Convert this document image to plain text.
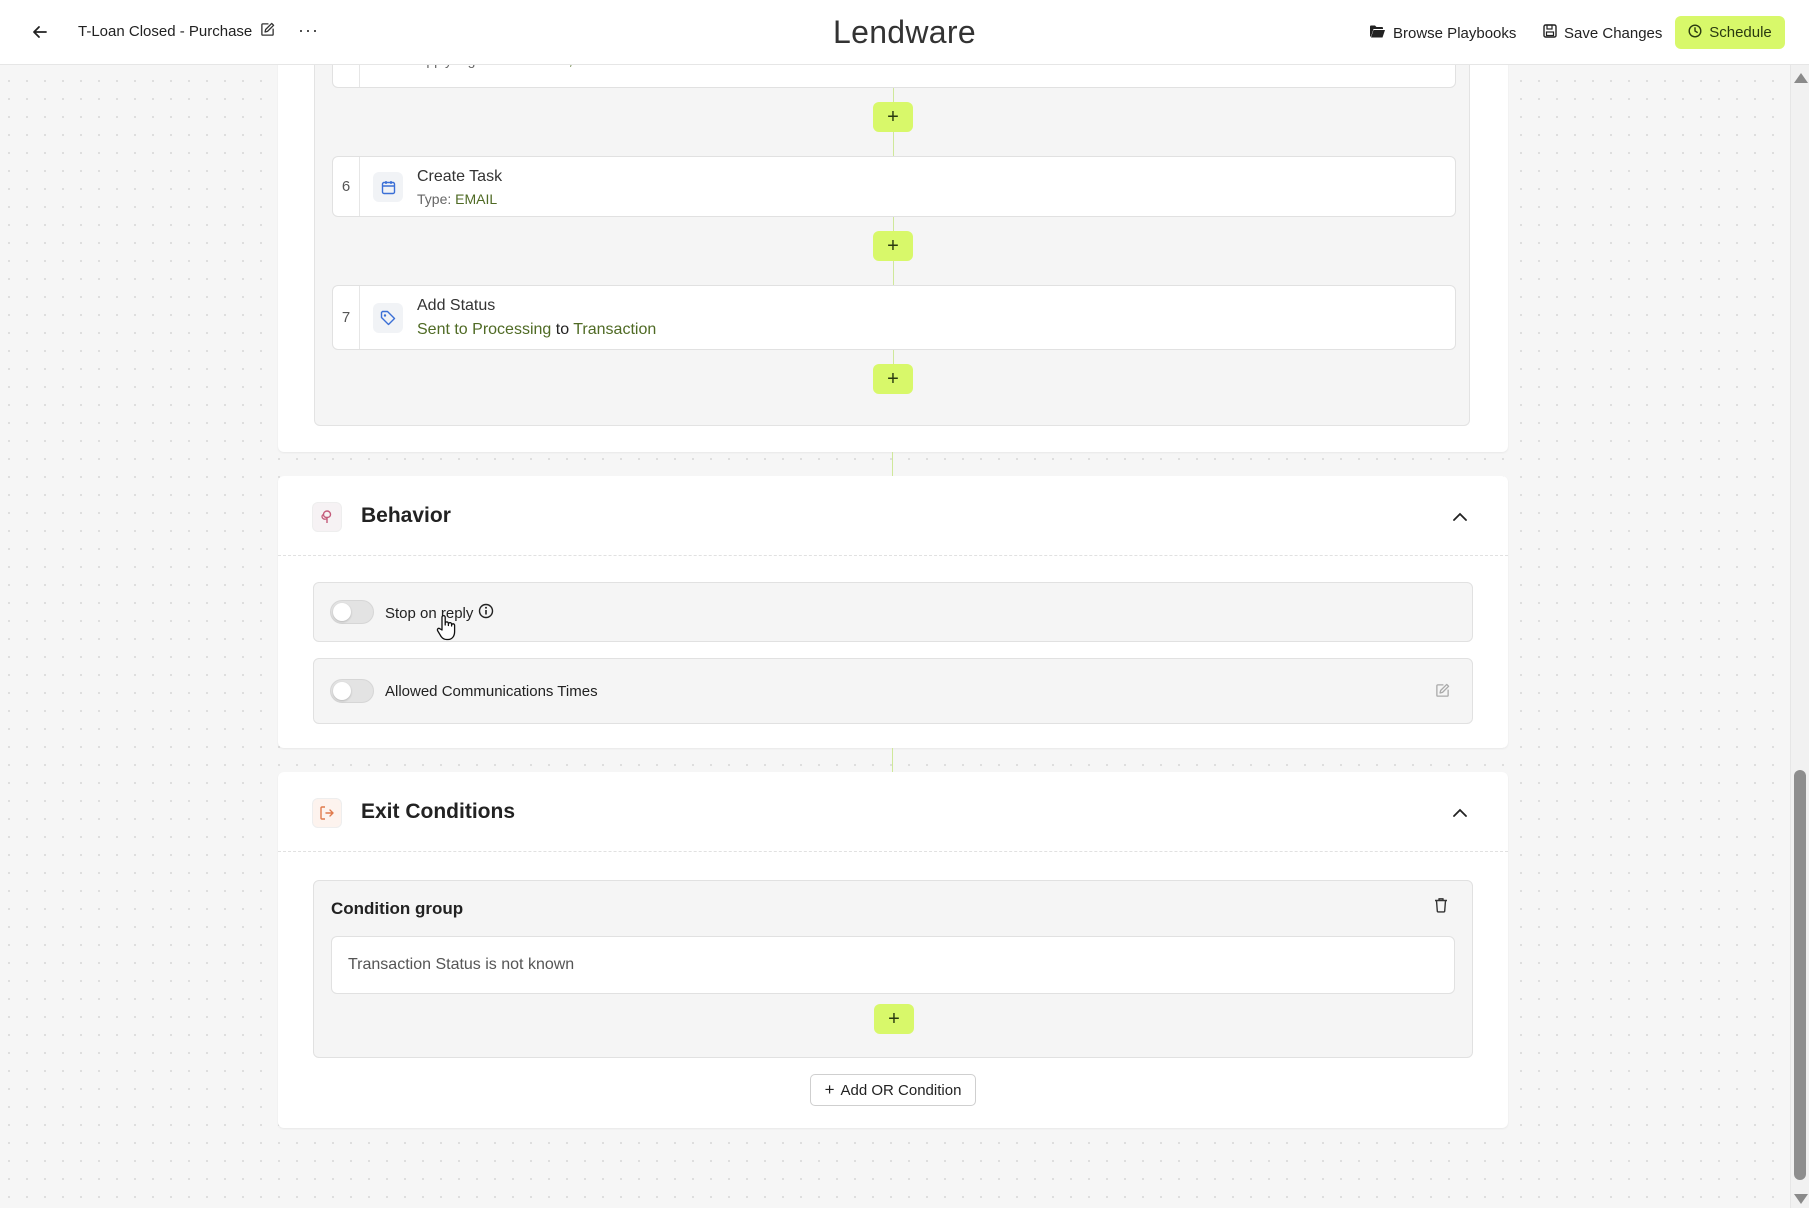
T-Loan Closed - Purchase	···	Lendware	Browse Playbooks	Save Changes	Schedule
+
6
Create Task
Type: EMAIL
+
7
Add Status
Sent to Processing to Transaction
+
Behavior
Stop on reply
Allowed Communications Times
Exit Conditions
Condition group
Transaction Status is not known
+
+ Add OR Condition
